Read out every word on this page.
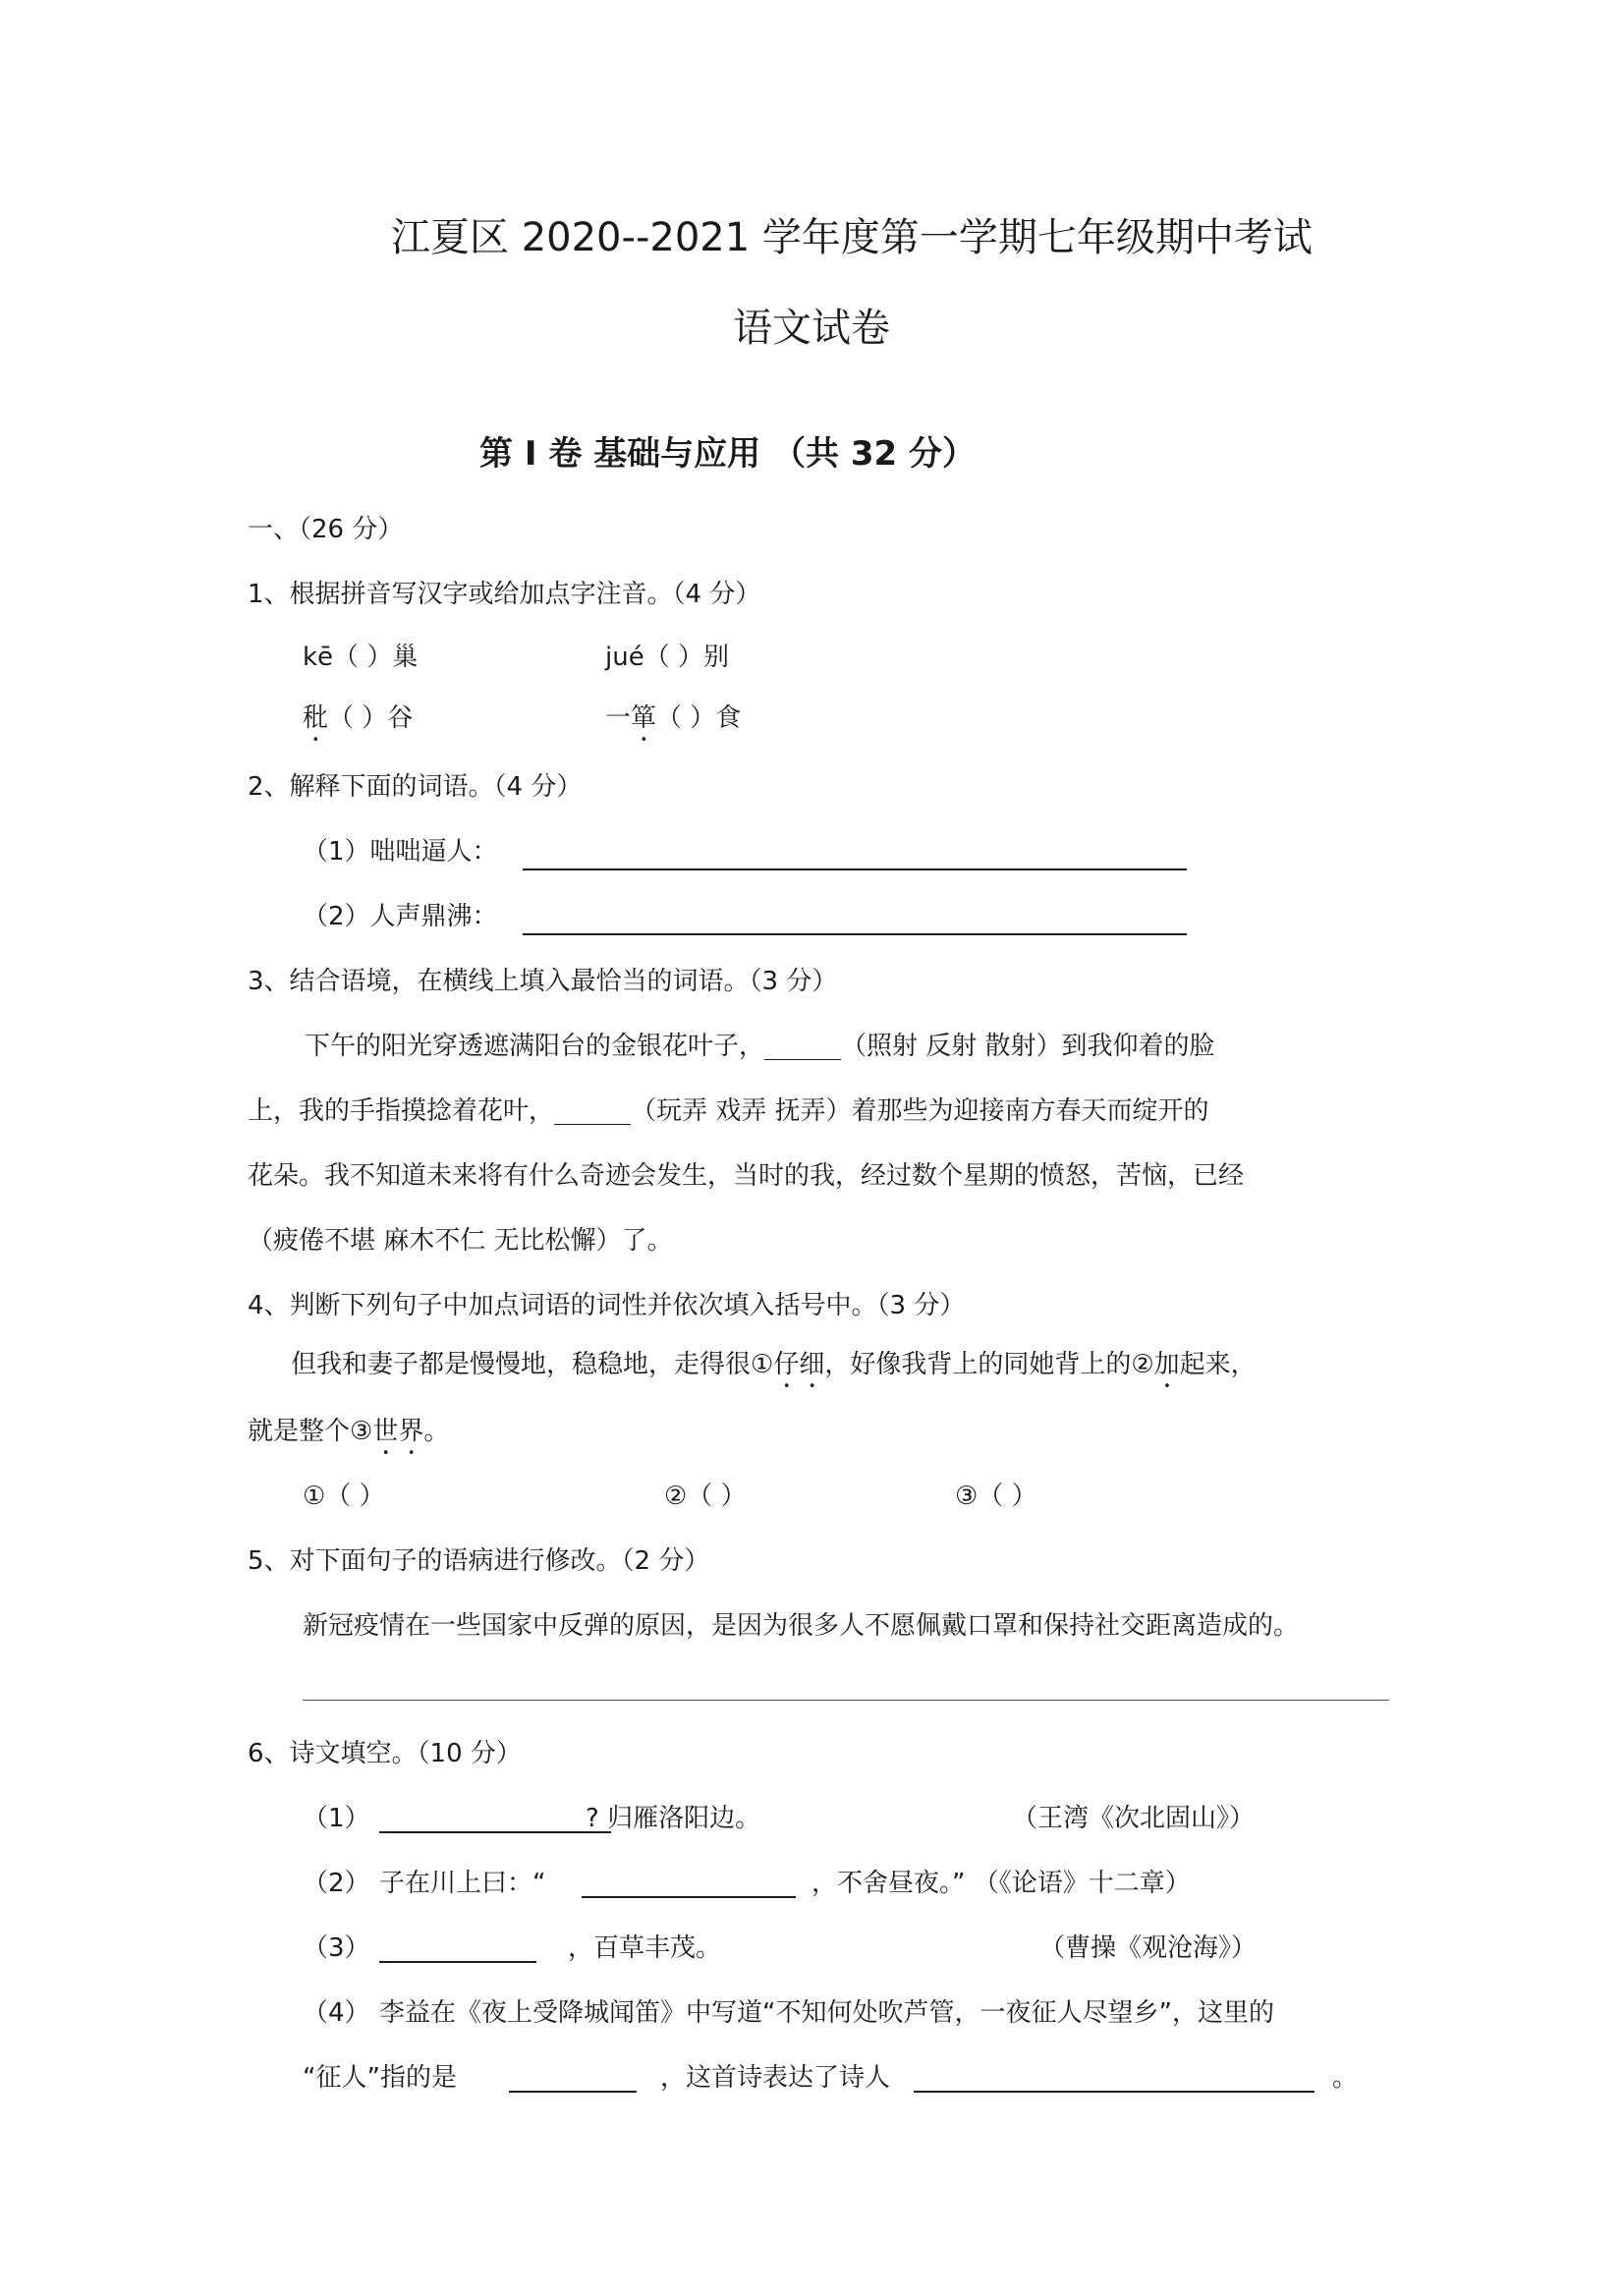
江夏区 2020--2021 学年度第一学期七年级期中考试
语文试卷
第 I 卷 基础与应用 （共 32 分）
一、（26 分）
1、根据拼音写汉字或给加点字注音。（4 分）
kē（ ）巢	jué（ ）别
秕（ ）谷	一箪（ ）食
2、解释下面的词语。（4 分）
（1）咄咄逼人：
（2）人声鼎沸：
3、结合语境，在横线上填入最恰当的词语。（3 分）
下午的阳光穿透遮满阳台的金银花叶子，______（照射 反射 散射）到我仰着的脸
上，我的手指摸捻着花叶，______（玩弄 戏弄 抚弄）着那些为迎接南方春天而绽开的
花朵。我不知道未来将有什么奇迹会发生，当时的我，经过数个星期的愤怒，苦恼，已经
（疲倦不堪 麻木不仁 无比松懈）了。
4、判断下列句子中加点词语的词性并依次填入括号中。（3 分）
但我和妻子都是慢慢地，稳稳地，走得很①仔细，好像我背上的同她背上的②加起来，
就是整个③世界。
①（ ）	②（ ）	③（ ）
5、对下面句子的语病进行修改。（2 分）
新冠疫情在一些国家中反弹的原因，是因为很多人不愿佩戴口罩和保持社交距离造成的。
6、诗文填空。（10 分）
（1）	? 归雁洛阳边。	（王湾《次北固山》）
（2） 子在川上曰：“	，不舍昼夜。” （《论语》十二章）
（3）	，百草丰茂。	（曹操《观沧海》）
（4） 李益在《夜上受降城闻笛》中写道“不知何处吹芦管，一夜征人尽望乡”，这里的
“征人”指的是	，这首诗表达了诗人	。
